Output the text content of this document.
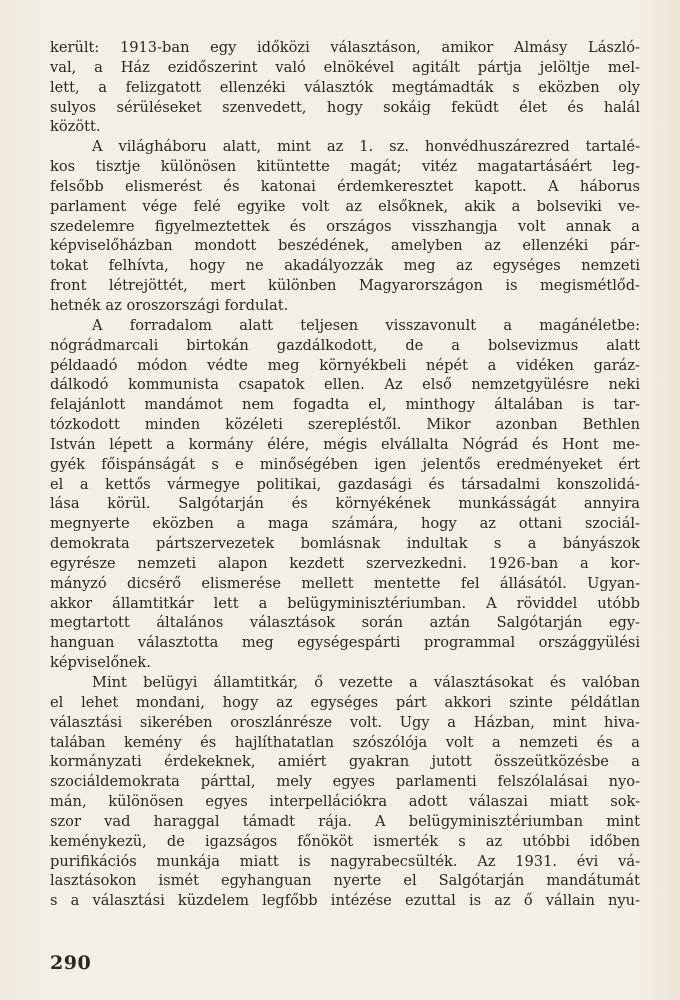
került: 1913-ban egy időközi választáson, amikor Almásy László-
val, a Ház ezidőszerint való elnökével agitált pártja jelöltje mel-
lett, a felizgatott ellenzéki választók megtámadták s eközben oly
sulyos sérüléseket szenvedett, hogy sokáig feküdt élet és halál
között.
A világháboru alatt, mint az 1. sz. honvédhuszárezred tartalé-
kos tisztje különösen kitüntette magát; vitéz magatartásáért leg-
felsőbb elismerést és katonai érdemkeresztet kapott. A háborus
parlament vége felé egyike volt az elsőknek, akik a bolseviki ve-
szedelemre figyelmeztettek és országos visszhangja volt annak a
képviselőházban mondott beszédének, amelyben az ellenzéki pár-
tokat felhívta, hogy ne akadályozzák meg az egységes nemzeti
front létrejöttét, mert különben Magyarországon is megismétlőd-
hetnék az oroszországi fordulat.
A forradalom alatt teljesen visszavonult a magánéletbe:
nógrádmarcali birtokán gazdálkodott, de a bolsevizmus alatt
példaadó módon védte meg környékbeli népét a vidéken garáz-
dálkodó kommunista csapatok ellen. Az első nemzetgyülésre neki
felajánlott mandámot nem fogadta el, minthogy általában is tar-
tózkodott minden közéleti szerepléstől. Mikor azonban Bethlen
István lépett a kormány élére, mégis elvállalta Nógrád és Hont me-
gyék főispánságát s e minőségében igen jelentős eredményeket ért
el a kettős vármegye politikai, gazdasági és társadalmi konszolidá-
lása körül. Salgótarján és környékének munkásságát annyira
megnyerte eközben a maga számára, hogy az ottani szociál-
demokrata pártszervezetek bomlásnak indultak s a bányászok
egyrésze nemzeti alapon kezdett szervezkedni. 1926-ban a kor-
mányzó dicsérő elismerése mellett mentette fel állásától. Ugyan-
akkor államtitkár lett a belügyminisztériumban. A röviddel utóbb
megtartott általános választások során aztán Salgótarján egy-
hanguan választotta meg egységespárti programmal országgyülési
képviselőnek.
Mint belügyi államtitkár, ő vezette a választásokat és valóban
el lehet mondani, hogy az egységes párt akkori szinte példátlan
választási sikerében oroszlánrésze volt. Ugy a Házban, mint hiva-
talában kemény és hajlíthatatlan szószólója volt a nemzeti és a
kormányzati érdekeknek, amiért gyakran jutott összeütközésbe a
szociáldemokrata párttal, mely egyes parlamenti felszólalásai nyo-
mán, különösen egyes interpellációkra adott válaszai miatt sok-
szor vad haraggal támadt rája. A belügyminisztériumban mint
keménykezü, de igazságos főnököt ismerték s az utóbbi időben
purifikációs munkája miatt is nagyrabecsülték. Az 1931. évi vá-
lasztásokon ismét egyhanguan nyerte el Salgótarján mandátumát
s a választási küzdelem legfőbb intézése ezuttal is az ő vállain nyu-
290
